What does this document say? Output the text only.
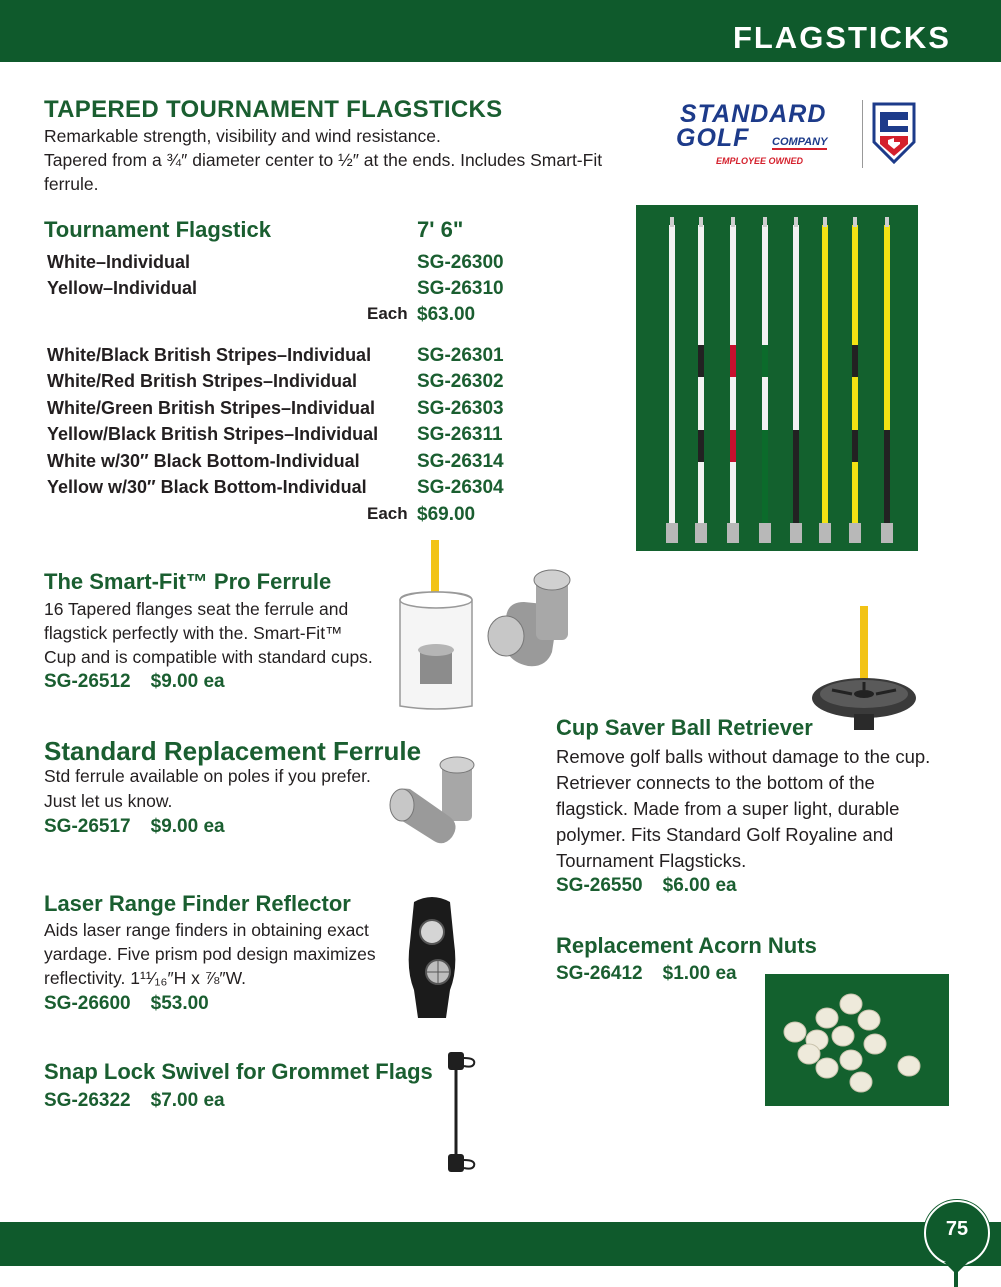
FLAGSTICKS
STANDARD
GOLF COMPANY
EMPLOYEE OWNED
TAPERED TOURNAMENT FLAGSTICKS
Remarkable strength, visibility and wind resistance.
Tapered from a ¾″ diameter center to ½″ at the ends. Includes Smart-Fit
ferrule.
Tournament Flagstick	7' 6"
White–Individual	SG-26300
Yellow–Individual	SG-26310
Each $63.00
White/Black British Stripes–Individual SG-26301
White/Red British Stripes–Individual	SG-26302
White/Green British Stripes–Individual SG-26303
Yellow/Black British Stripes–Individual SG-26311
White w/30″ Black Bottom-Individual	SG-26314
Yellow w/30″ Black Bottom-Individual	SG-26304
Each $69.00
The Smart-Fit™ Pro Ferrule
16 Tapered flanges seat the ferrule and
flagstick perfectly with the. Smart-Fit™
Cup and is compatible with standard cups.
SG-26512 $9.00 ea
Standard Replacement Ferrule
Std ferrule available on poles if you prefer.
Just let us know.
SG-26517 $9.00 ea
Laser Range Finder Reflector
Aids laser range finders in obtaining exact
yardage. Five prism pod design maximizes
reflectivity. 1¹¹⁄₁₆″H x ⅞″W.
SG-26600 $53.00
Snap Lock Swivel for Grommet Flags
SG-26322 $7.00 ea
Cup Saver Ball Retriever
Remove golf balls without damage to the cup.
Retriever connects to the bottom of the
flagstick. Made from a super light, durable
polymer. Fits Standard Golf Royaline and
Tournament Flagsticks.
SG-26550 $6.00 ea
Replacement Acorn Nuts
SG-26412 $1.00 ea
75
